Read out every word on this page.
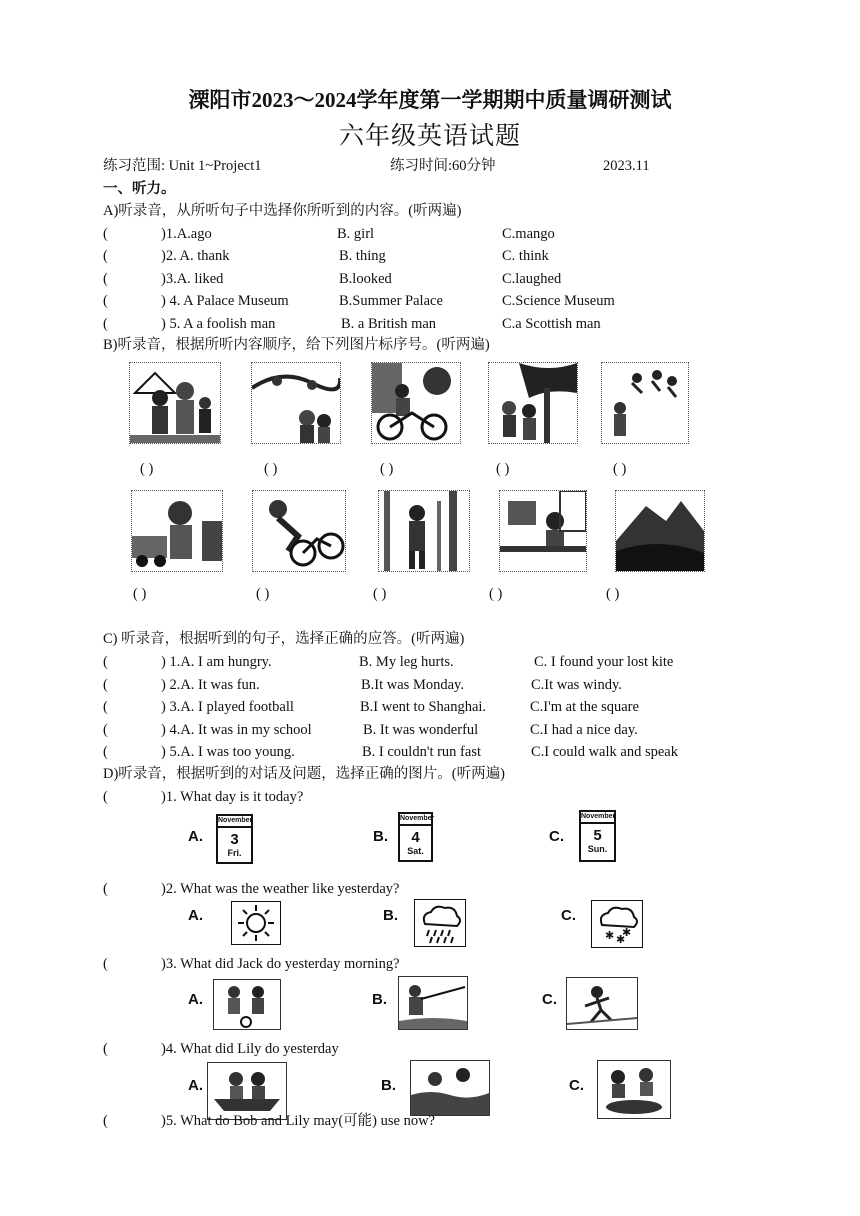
溧阳市2023～2024学年度第一学期期中质量调研测试
六年级英语试题
练习范围: Unit 1~Project1	练习时间:60分钟	2023.11
一、听力。
A)听录音，从所听句子中选择你所听到的内容。(听两遍)
(	)1.A.ago	B. girl	C.mango
(	)2. A. thank	B. thing	C. think
(	)3.A. liked	B.looked	C.laughed
(	) 4. A Palace Museum	B.Summer Palace	C.Science Museum
(	) 5. A a foolish man	B. a British man	C.a Scottish man
B)听录音，根据所听内容顺序，给下列图片标序号。(听两遍)
( )	( )	( )	( )	( )
( )	( )	( )	( )	( )
C) 听录音，根据听到的句子，选择正确的应答。(听两遍)
(	) 1.A. I am hungry.	B. My leg hurts.	C. I found your lost kite
(	) 2.A. It was fun.	B.It was Monday.	C.It was windy.
(	) 3.A. I played football	B.I went to Shanghai.	C.I'm at the square
(	) 4.A. It was in my school	B. It was wonderful	C.I had a nice day.
(	) 5.A. I was too young.	B. I couldn't run fast	C.I could walk and speak
D)听录音，根据听到的对话及问题，选择正确的图片。(听两遍)
(	)1. What day is it today?
A.
November
3
Fri.
B.
November
4
Sat.
C.
November
5
Sun.
(	)2. What was the weather like yesterday?
A.	B.	C.
✱ ✱
✱
(	)3. What did Jack do yesterday morning?
A.	B.	C.
(	)4. What did Lily do yesterday
A.	B.	C.
(	)5. What do Bob and Lily may(可能) use now?
